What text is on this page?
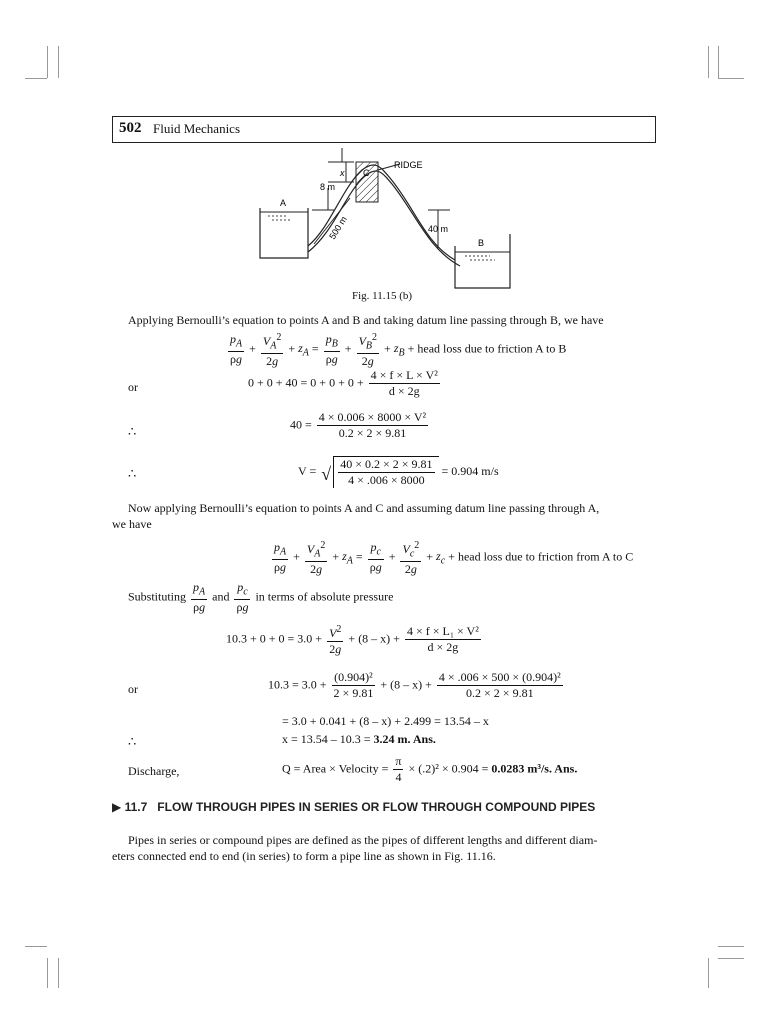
502 Fluid Mechanics
x
8 m
RIDGE
C
A
40 m
B
500 m
Fig. 11.15 (b)
Applying Bernoulli’s equation to points A and B and taking datum line passing through B, we have
$\frac{p_A}{\rho g} + \frac{V_A^2}{2g} + z_A = \frac{p_B}{\rho g} + \frac{V_B^2}{2g} + z_B$ + head loss due to friction A to B
or	$0 + 0 + 40 = 0 + 0 + 0 + \frac{\text{4 × f × L × V²}}{d \times 2g}$
∴	$40 = \frac{\text{4 × 0.006 × 8000 × V²}}{0.2 \times 2 \times 9.81}$
∴	V = √ $\frac{40 \times 0.2 \times 2 \times 9.81}{4 \times .006 \times 8000} = 0.904$ m/s
Now applying Bernoulli’s equation to points A and C and assuming datum line passing through A,
we have
$\frac{p_A}{\rho g} + \frac{V_A^2}{2g} + z_A = \frac{p_c}{\rho g} + \frac{V_c^2}{2g} + z_c$ + head loss due to friction from A to C
Substituting $\frac{p_A}{\rho g}$ and $\frac{p_c}{\rho g}$ in terms of absolute pressure
$10.3 + 0 + 0 = 3.0 + \frac{V^2}{2g} + (8 - x) + \frac{\text{4 × f × L₁ × V²}}{d \times 2g}$
or	$10.3 = 3.0 + \frac{\text{(0.904)²}}{2 \times 9.81} + (8 - x) + \frac{\text{4 × .006 × 500 × (0.904)²}}{0.2 \times 2 \times 9.81}$
= 3.0 + 0.041 + (8 – x) + 2.499 = 13.54 – x
∴	x = 13.54 – 10.3 = 3.24 m. Ans.
Discharge,	Q = Area × Velocity = $\frac{\pi}{4} \times (.2)^2 \times 0.904 = 0.0283$ m³/s. Ans.
▶ 11.7 FLOW THROUGH PIPES IN SERIES OR FLOW THROUGH COMPOUND PIPES
Pipes in series or compound pipes are defined as the pipes of different lengths and different diam-
eters connected end to end (in series) to form a pipe line as shown in Fig. 11.16.
